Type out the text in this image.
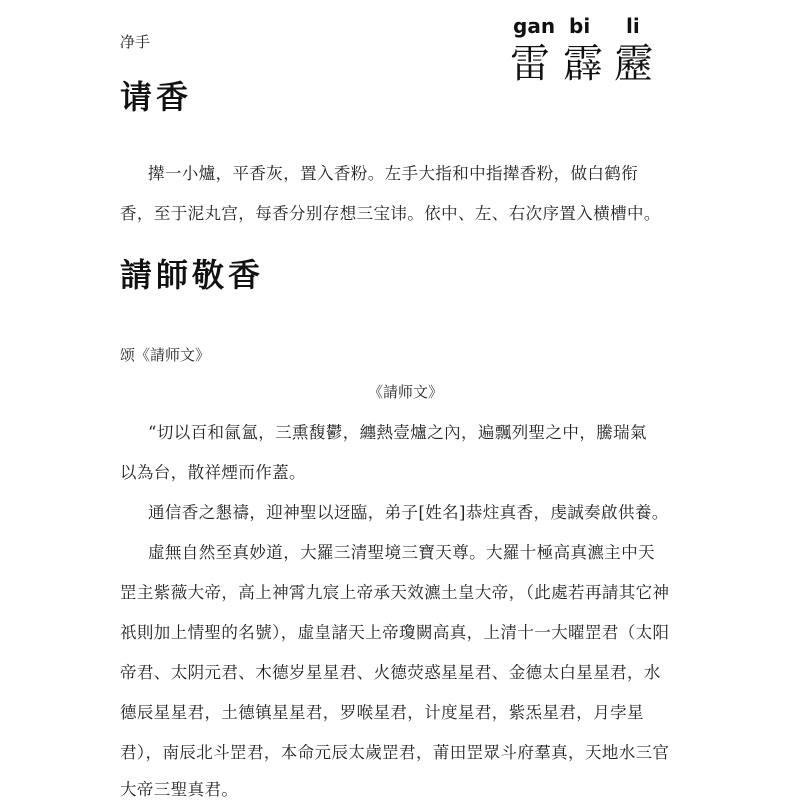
净手
gan bi li
雷 霹 靂
请香
撵一小爐，平香灰，置入香粉。左手大指和中指撵香粉，做白鹤衔
香，至于泥丸宫，每香分别存想三宝讳。依中、左、右次序置入横槽中。
請師敬香
颂《請师文》
《請师文》
“切以百和氤氳，三熏馥鬱，纏熱壹爐之內，遍飄列聖之中，騰瑞氣
以為台，散祥煙而作蓋。
通信香之懇禱，迎神聖以迓臨，弟子[姓名]恭炷真香，虔誠奏啟供養。
虛無自然至真妙道，大羅三清聖境三寶天尊。大羅十極高真瀌主中天
罡主紫薇大帝，高上神霄九宸上帝承天效瀌土皇大帝，（此處若再請其它神
祇則加上情聖的名號），虛皇諸天上帝瓊闕高真，上清十一大曜罡君（太阳
帝君、太阴元君、木德岁星星君、火德荧惑星星君、金德太白星星君，水
德辰星星君，土德镇星星君，罗喉星君，计度星君，紫炁星君，月孛星
君），南辰北斗罡君，本命元辰太歲罡君，莆田罡眾斗府羣真，天地水三官
大帝三聖真君。
